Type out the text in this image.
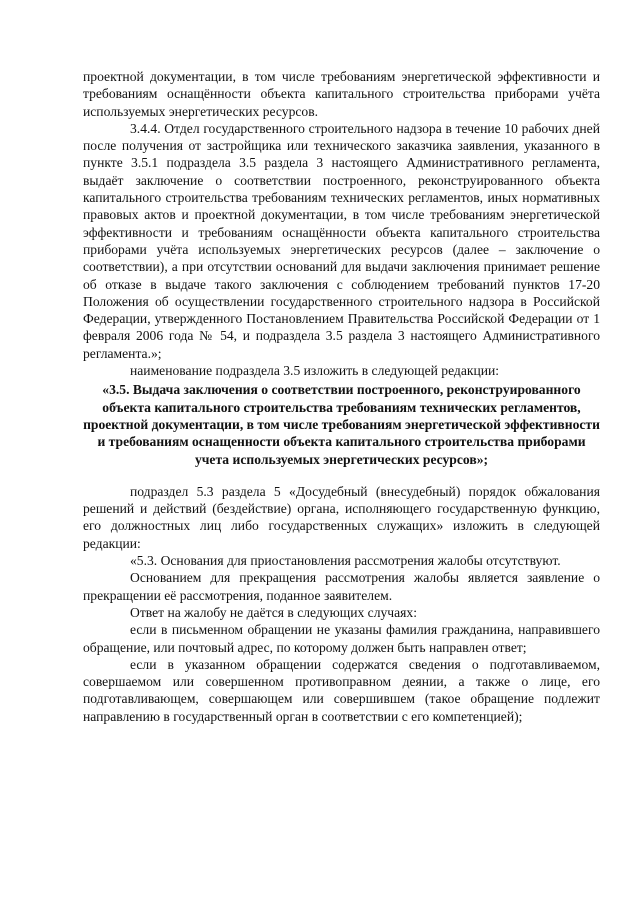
проектной документации, в том числе требованиям энергетической эффективности и требованиям оснащённости объекта капитального строительства приборами учёта используемых энергетических ресурсов.

3.4.4. Отдел государственного строительного надзора в течение 10 рабочих дней после получения от застройщика или технического заказчика заявления, указанного в пункте 3.5.1 подраздела 3.5 раздела 3 настоящего Административного регламента, выдаёт заключение о соответствии построенного, реконструированного объекта капитального строительства требованиям технических регламентов, иных нормативных правовых актов и проектной документации, в том числе требованиям энергетической эффективности и требованиям оснащённости объекта капитального строительства приборами учёта используемых энергетических ресурсов (далее – заключение о соответствии), а при отсутствии оснований для выдачи заключения принимает решение об отказе в выдаче такого заключения с соблюдением требований пунктов 17-20 Положения об осуществлении государственного строительного надзора в Российской Федерации, утвержденного Постановлением Правительства Российской Федерации от 1 февраля 2006 года № 54, и подраздела 3.5 раздела 3 настоящего Административного регламента.»;

наименование подраздела 3.5 изложить в следующей редакции:

«3.5. Выдача заключения о соответствии построенного, реконструированного объекта капитального строительства требованиям технических регламентов, проектной документации, в том числе требованиям энергетической эффективности и требованиям оснащенности объекта капитального строительства приборами учета используемых энергетических ресурсов»;

подраздел 5.3 раздела 5 «Досудебный (внесудебный) порядок обжалования решений и действий (бездействие) органа, исполняющего государственную функцию, его должностных лиц либо государственных служащих» изложить в следующей редакции:

«5.3. Основания для приостановления рассмотрения жалобы отсутствуют.

Основанием для прекращения рассмотрения жалобы является заявление о прекращении её рассмотрения, поданное заявителем.

Ответ на жалобу не даётся в следующих случаях:

если в письменном обращении не указаны фамилия гражданина, направившего обращение, или почтовый адрес, по которому должен быть направлен ответ;

если в указанном обращении содержатся сведения о подготавливаемом, совершаемом или совершенном противоправном деянии, а также о лице, его подготавливающем, совершающем или совершившем (такое обращение подлежит направлению в государственный орган в соответствии с его компетенцией);
